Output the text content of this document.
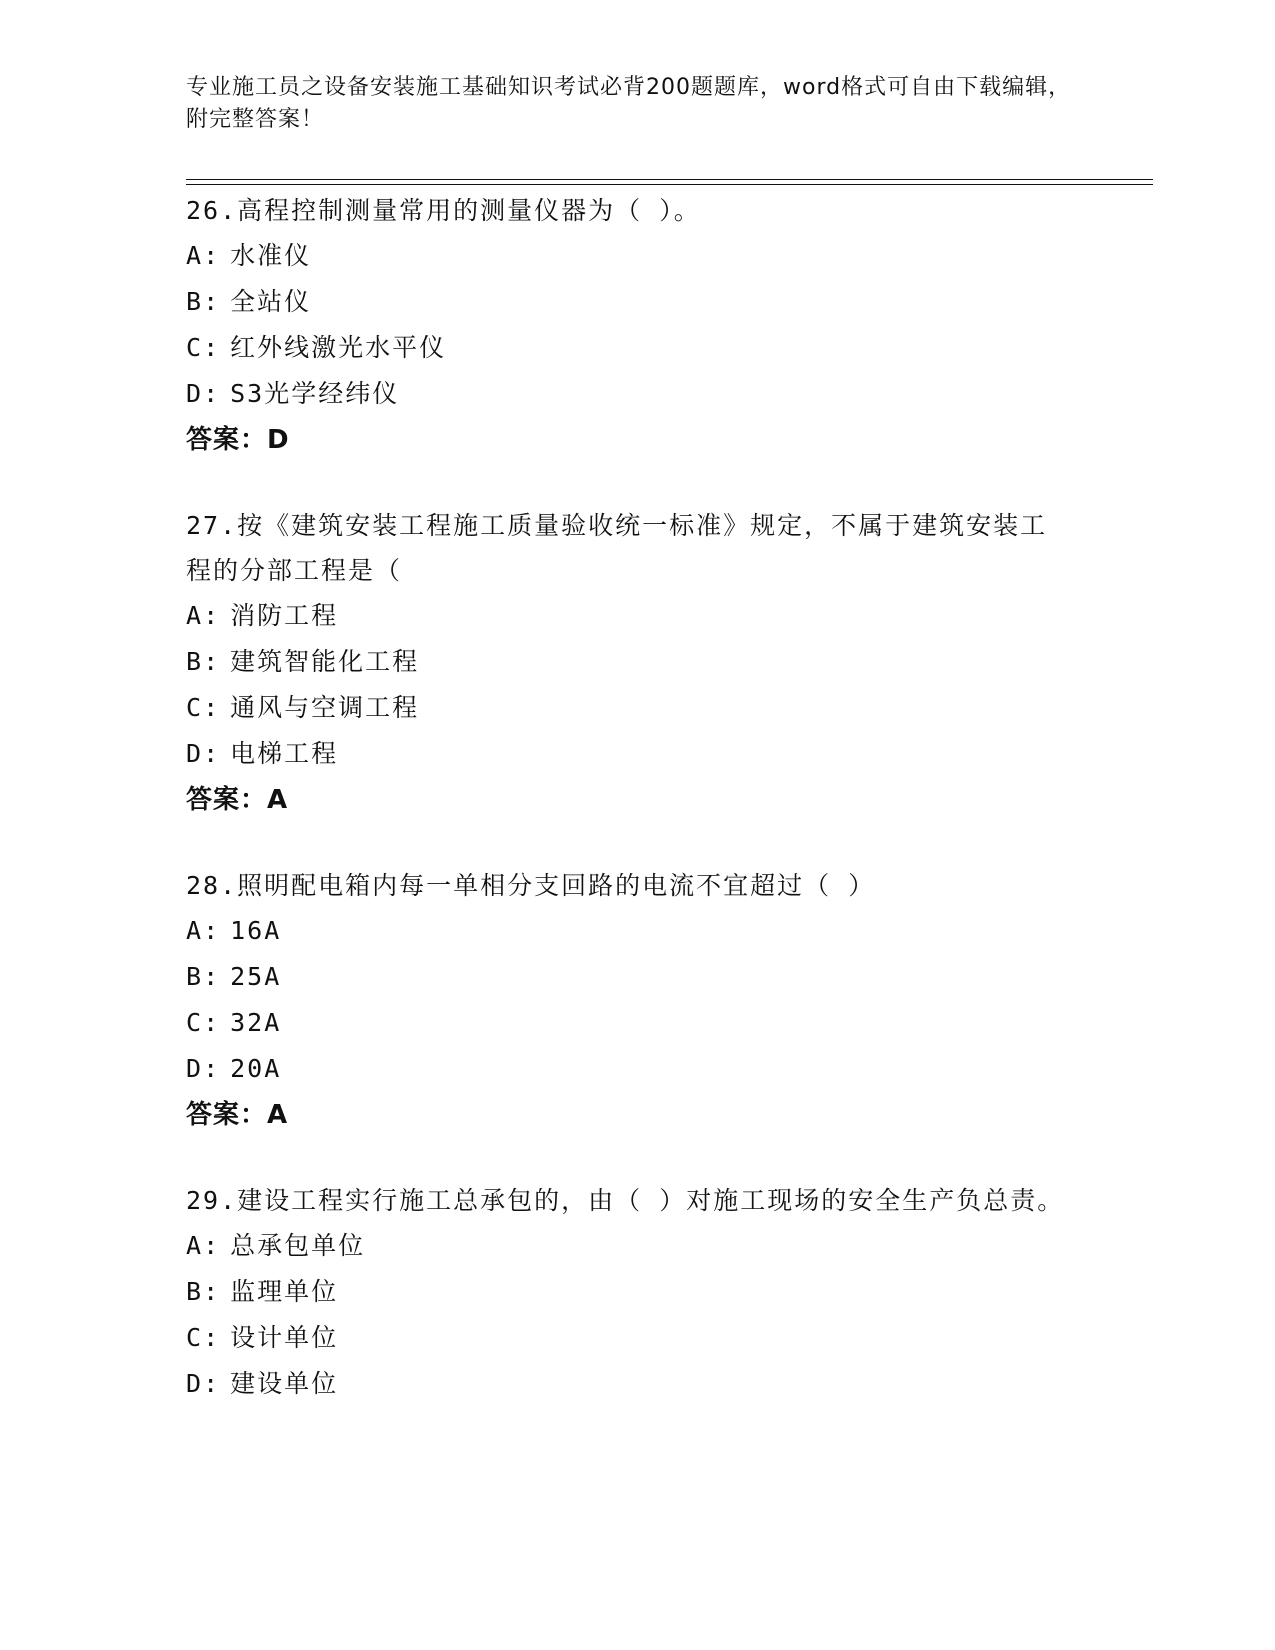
专业施工员之设备安装施工基础知识考试必背200题题库，word格式可自由下载编辑，附完整答案！
26.高程控制测量常用的测量仪器为（ ）。
A: 水准仪
B: 全站仪
C: 红外线激光水平仪
D: S3光学经纬仪
答案：D
27.按《建筑安装工程施工质量验收统一标准》规定，不属于建筑安装工程的分部工程是（
A: 消防工程
B: 建筑智能化工程
C: 通风与空调工程
D: 电梯工程
答案：A
28.照明配电箱内每一单相分支回路的电流不宜超过（ ）
A: 16A
B: 25A
C: 32A
D: 20A
答案：A
29.建设工程实行施工总承包的，由（ ）对施工现场的安全生产负总责。
A: 总承包单位
B: 监理单位
C: 设计单位
D: 建设单位
